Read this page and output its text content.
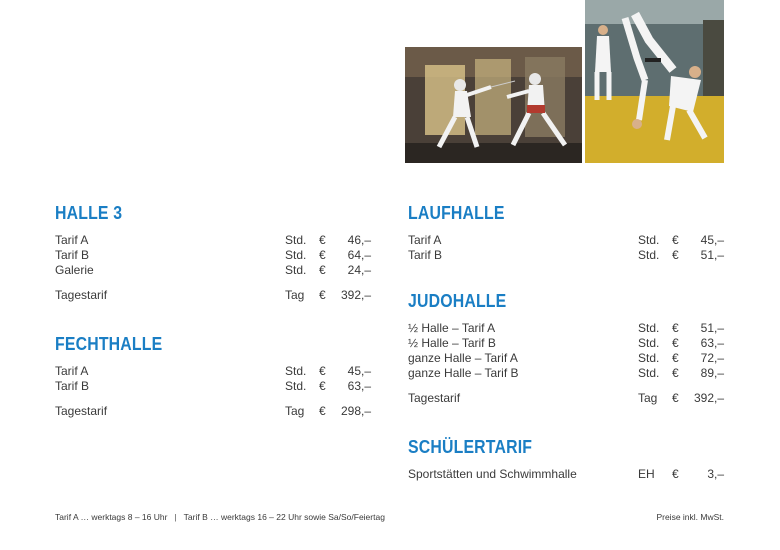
HALLE 3
Tarif A	Std. €	46,–
Tarif B	Std. €	64,–
Galerie	Std. €	24,–
Tagestarif	Tag €	392,–
FECHTHALLE
Tarif A	Std. €	45,–
Tarif B	Std. €	63,–
Tagestarif	Tag €	298,–
LAUFHALLE
Tarif A	Std. €	45,–
Tarif B	Std. €	51,–
JUDOHALLE
½ Halle – Tarif A	Std. €	51,–
½ Halle – Tarif B	Std. €	63,–
ganze Halle – Tarif A	Std. €	72,–
ganze Halle – Tarif B	Std. €	89,–
Tagestarif	Tag €	392,–
SCHÜLERTARIF
Sportstätten und Schwimmhalle	EH €	3,–
Tarif A … werktags 8 – 16 Uhr | Tarif B … werktags 16 – 22 Uhr sowie Sa/So/Feiertag	Preise inkl. MwSt.
